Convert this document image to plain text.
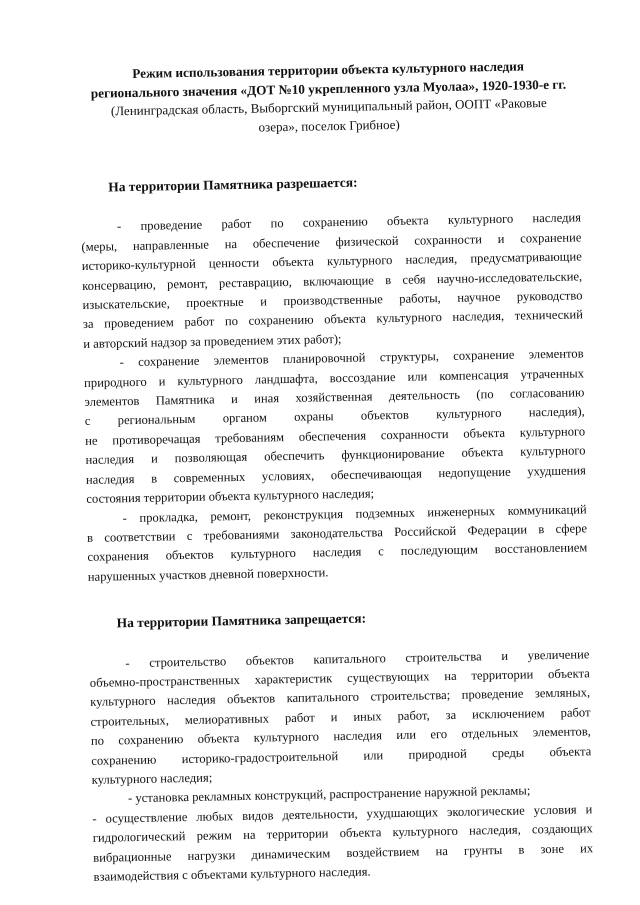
Режим использования территории объекта культурного наследия
регионального значения «ДОТ №10 укрепленного узла Муолаа», 1920-1930-е гг.
(Ленинградская область, Выборгский муниципальный район, ООПТ «Раковые
озера», поселок Грибное)
На территории Памятника разрешается:
- проведение работ по сохранению объекта культурного наследия
(меры, направленные на обеспечение физической сохранности и сохранение
историко-культурной ценности объекта культурного наследия, предусматривающие
консервацию, ремонт, реставрацию, включающие в себя научно-исследовательские,
изыскательские, проектные и производственные работы, научное руководство
за проведением работ по сохранению объекта культурного наследия, технический
и авторский надзор за проведением этих работ);
- сохранение элементов планировочной структуры, сохранение элементов
природного и культурного ландшафта, воссоздание или компенсация утраченных
элементов Памятника и иная хозяйственная деятельность (по согласованию
с региональным органом охраны объектов культурного наследия),
не противоречащая требованиям обеспечения сохранности объекта культурного
наследия и позволяющая обеспечить функционирование объекта культурного
наследия в современных условиях, обеспечивающая недопущение ухудшения
состояния территории объекта культурного наследия;
- прокладка, ремонт, реконструкция подземных инженерных коммуникаций
в соответствии с требованиями законодательства Российской Федерации в сфере
сохранения объектов культурного наследия с последующим восстановлением
нарушенных участков дневной поверхности.
На территории Памятника запрещается:
- строительство объектов капитального строительства и увеличение
объемно-пространственных характеристик существующих на территории объекта
культурного наследия объектов капитального строительства; проведение земляных,
строительных, мелиоративных работ и иных работ, за исключением работ
по сохранению объекта культурного наследия или его отдельных элементов,
сохранению историко-градостроительной или природной среды объекта
культурного наследия;
- установка рекламных конструкций, распространение наружной рекламы;
- осуществление любых видов деятельности, ухудшающих экологические условия и
гидрологический режим на территории объекта культурного наследия, создающих
вибрационные нагрузки динамическим воздействием на грунты в зоне их
взаимодействия с объектами культурного наследия.
